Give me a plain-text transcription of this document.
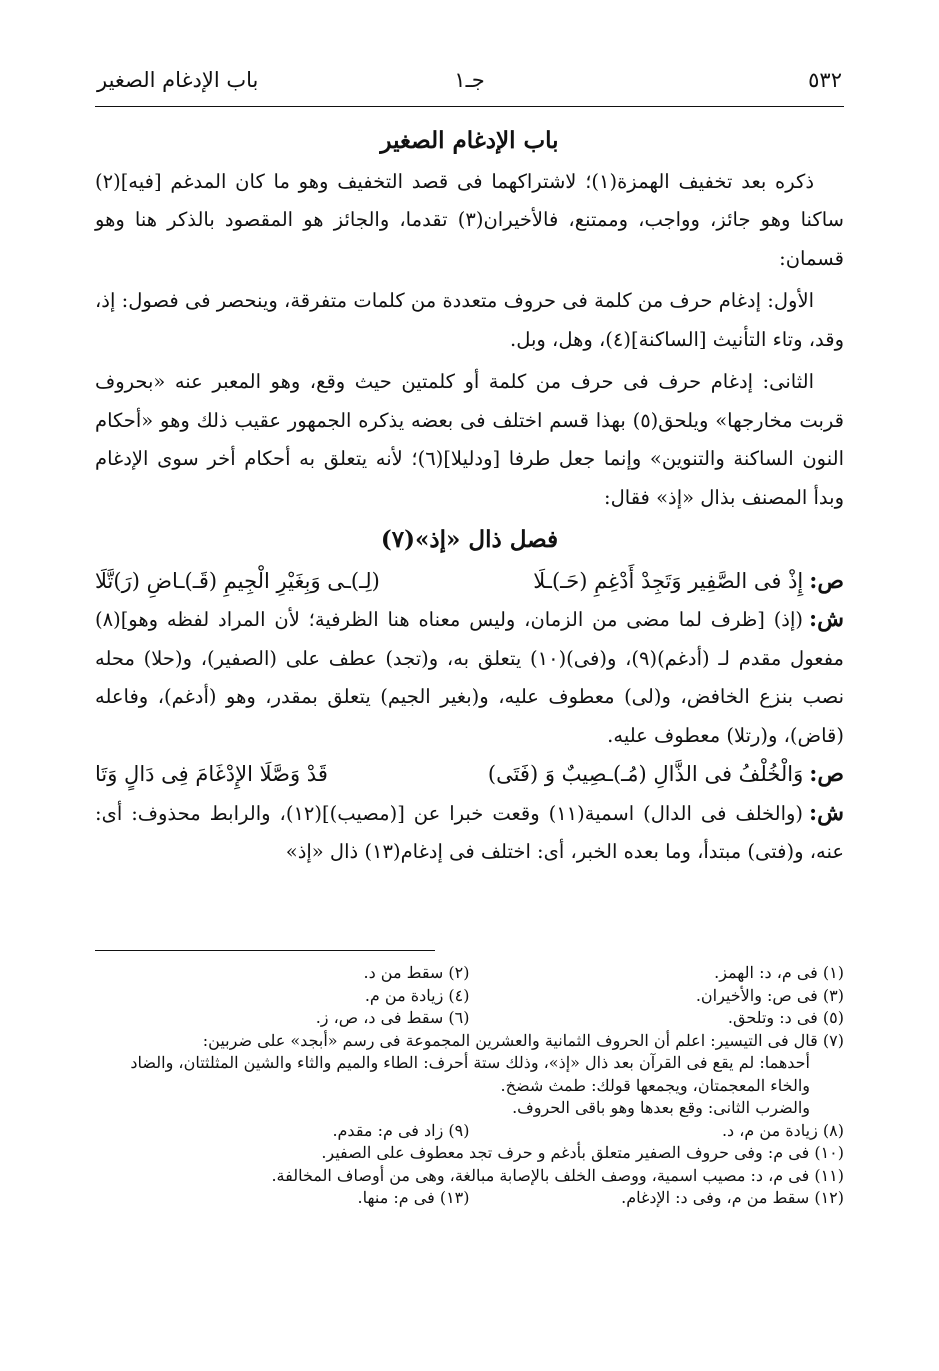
٥٣٢
جـ١
باب الإدغام الصغير
باب الإدغام الصغير

ذكره بعد تخفيف الهمزة(١)؛ لاشتراكهما فى قصد التخفيف وهو ما كان المدغم [فيه](٢) ساكنا وهو جائز، وواجب، وممتنع، فالأخيران(٣) تقدما، والجائز هو المقصود بالذكر هنا وهو قسمان:

الأول: إدغام حرف من كلمة فى حروف متعددة من كلمات متفرقة، وينحصر فى فصول: إذ، وقد، وتاء التأنيث [الساكنة](٤)، وهل، وبل.

الثانى: إدغام حرف فى حرف من كلمة أو كلمتين حيث وقع، وهو المعبر عنه «بحروف قربت مخارجها» ويلحق(٥) بهذا قسم اختلف فى بعضه يذكره الجمهور عقيب ذلك وهو «أحكام النون الساكنة والتنوين» وإنما جعل طرفا [ودليلا](٦)؛ لأنه يتعلق به أحكام أخر سوى الإدغام وبدأ المصنف بذال «إذ» فقال:

فصل ذال «إذ»(٧)
ص:إِذْ فى الصَّفِير وَتَجِدْ أَدْغِمِ (حَـ)ـلَا
(لِـ)ـى وَبِغَيْرِ الْجِيمِ (قَـ)ـاضِ (رَ)تَّلَا

ش:(إذ) [ظرف لما مضى من الزمان، وليس معناه هنا الظرفية؛ لأن المراد لفظه وهو](٨) مفعول مقدم لـ (أدغم)(٩)، و(فى)(١٠) يتعلق به، و(تجد) عطف على (الصفير)، و(حلا) محله نصب بنزع الخافض، و(لى) معطوف عليه، و(بغير الجيم) يتعلق بمقدر، وهو (أدغم)، وفاعله (قاض)، و(رتلا) معطوف عليه.

ص:وَالْخُلْفُ فى الذَّالِ (مُـ)ـصِيبٌ وَ (فَتَى)
قَدْ وَصَّلَا الإِدْغَامَ فِى دَالٍ وَتَا

ش:(والخلف فى الدال) اسمية(١١) وقعت خبرا عن [(مصيب)](١٢)، والرابط محذوف: أى: عنه، و(فتى) مبتدأ، وما بعده الخبر، أى: اختلف فى إدغام(١٣) ذال «إذ»

(١) فى م، د: الهمز.
(٢) سقط من د.
(٣) فى ص: والأخيران.
(٤) زيادة من م.
(٥) فى د: وتلحق.
(٦) سقط فى د، ص، ز.
(٧) قال فى التيسير: اعلم أن الحروف الثمانية والعشرين المجموعة فى رسم «أبجد» على ضربين:
أحدهما: لم يقع فى القرآن بعد ذال «إذ»، وذلك ستة أحرف: الطاء والميم والثاء والشين المثلثتان، والضاد والخاء المعجمتان، ويجمعها قولك: طمث شضخ.
والضرب الثانى: وقع بعدها وهو باقى الحروف.
(٨) زيادة من م، د.
(٩) زاد فى م: مقدم.
(١٠) فى م: وفى حروف الصفير متعلق بأدغم و حرف تجد معطوف على الصفير.
(١١) فى م، د: مصيب اسمية، ووصف الخلف بالإصابة مبالغة، وهى من أوصاف المخالفة.
(١٢) سقط من م، وفى د: الإدغام.
(١٣) فى م: منها.
